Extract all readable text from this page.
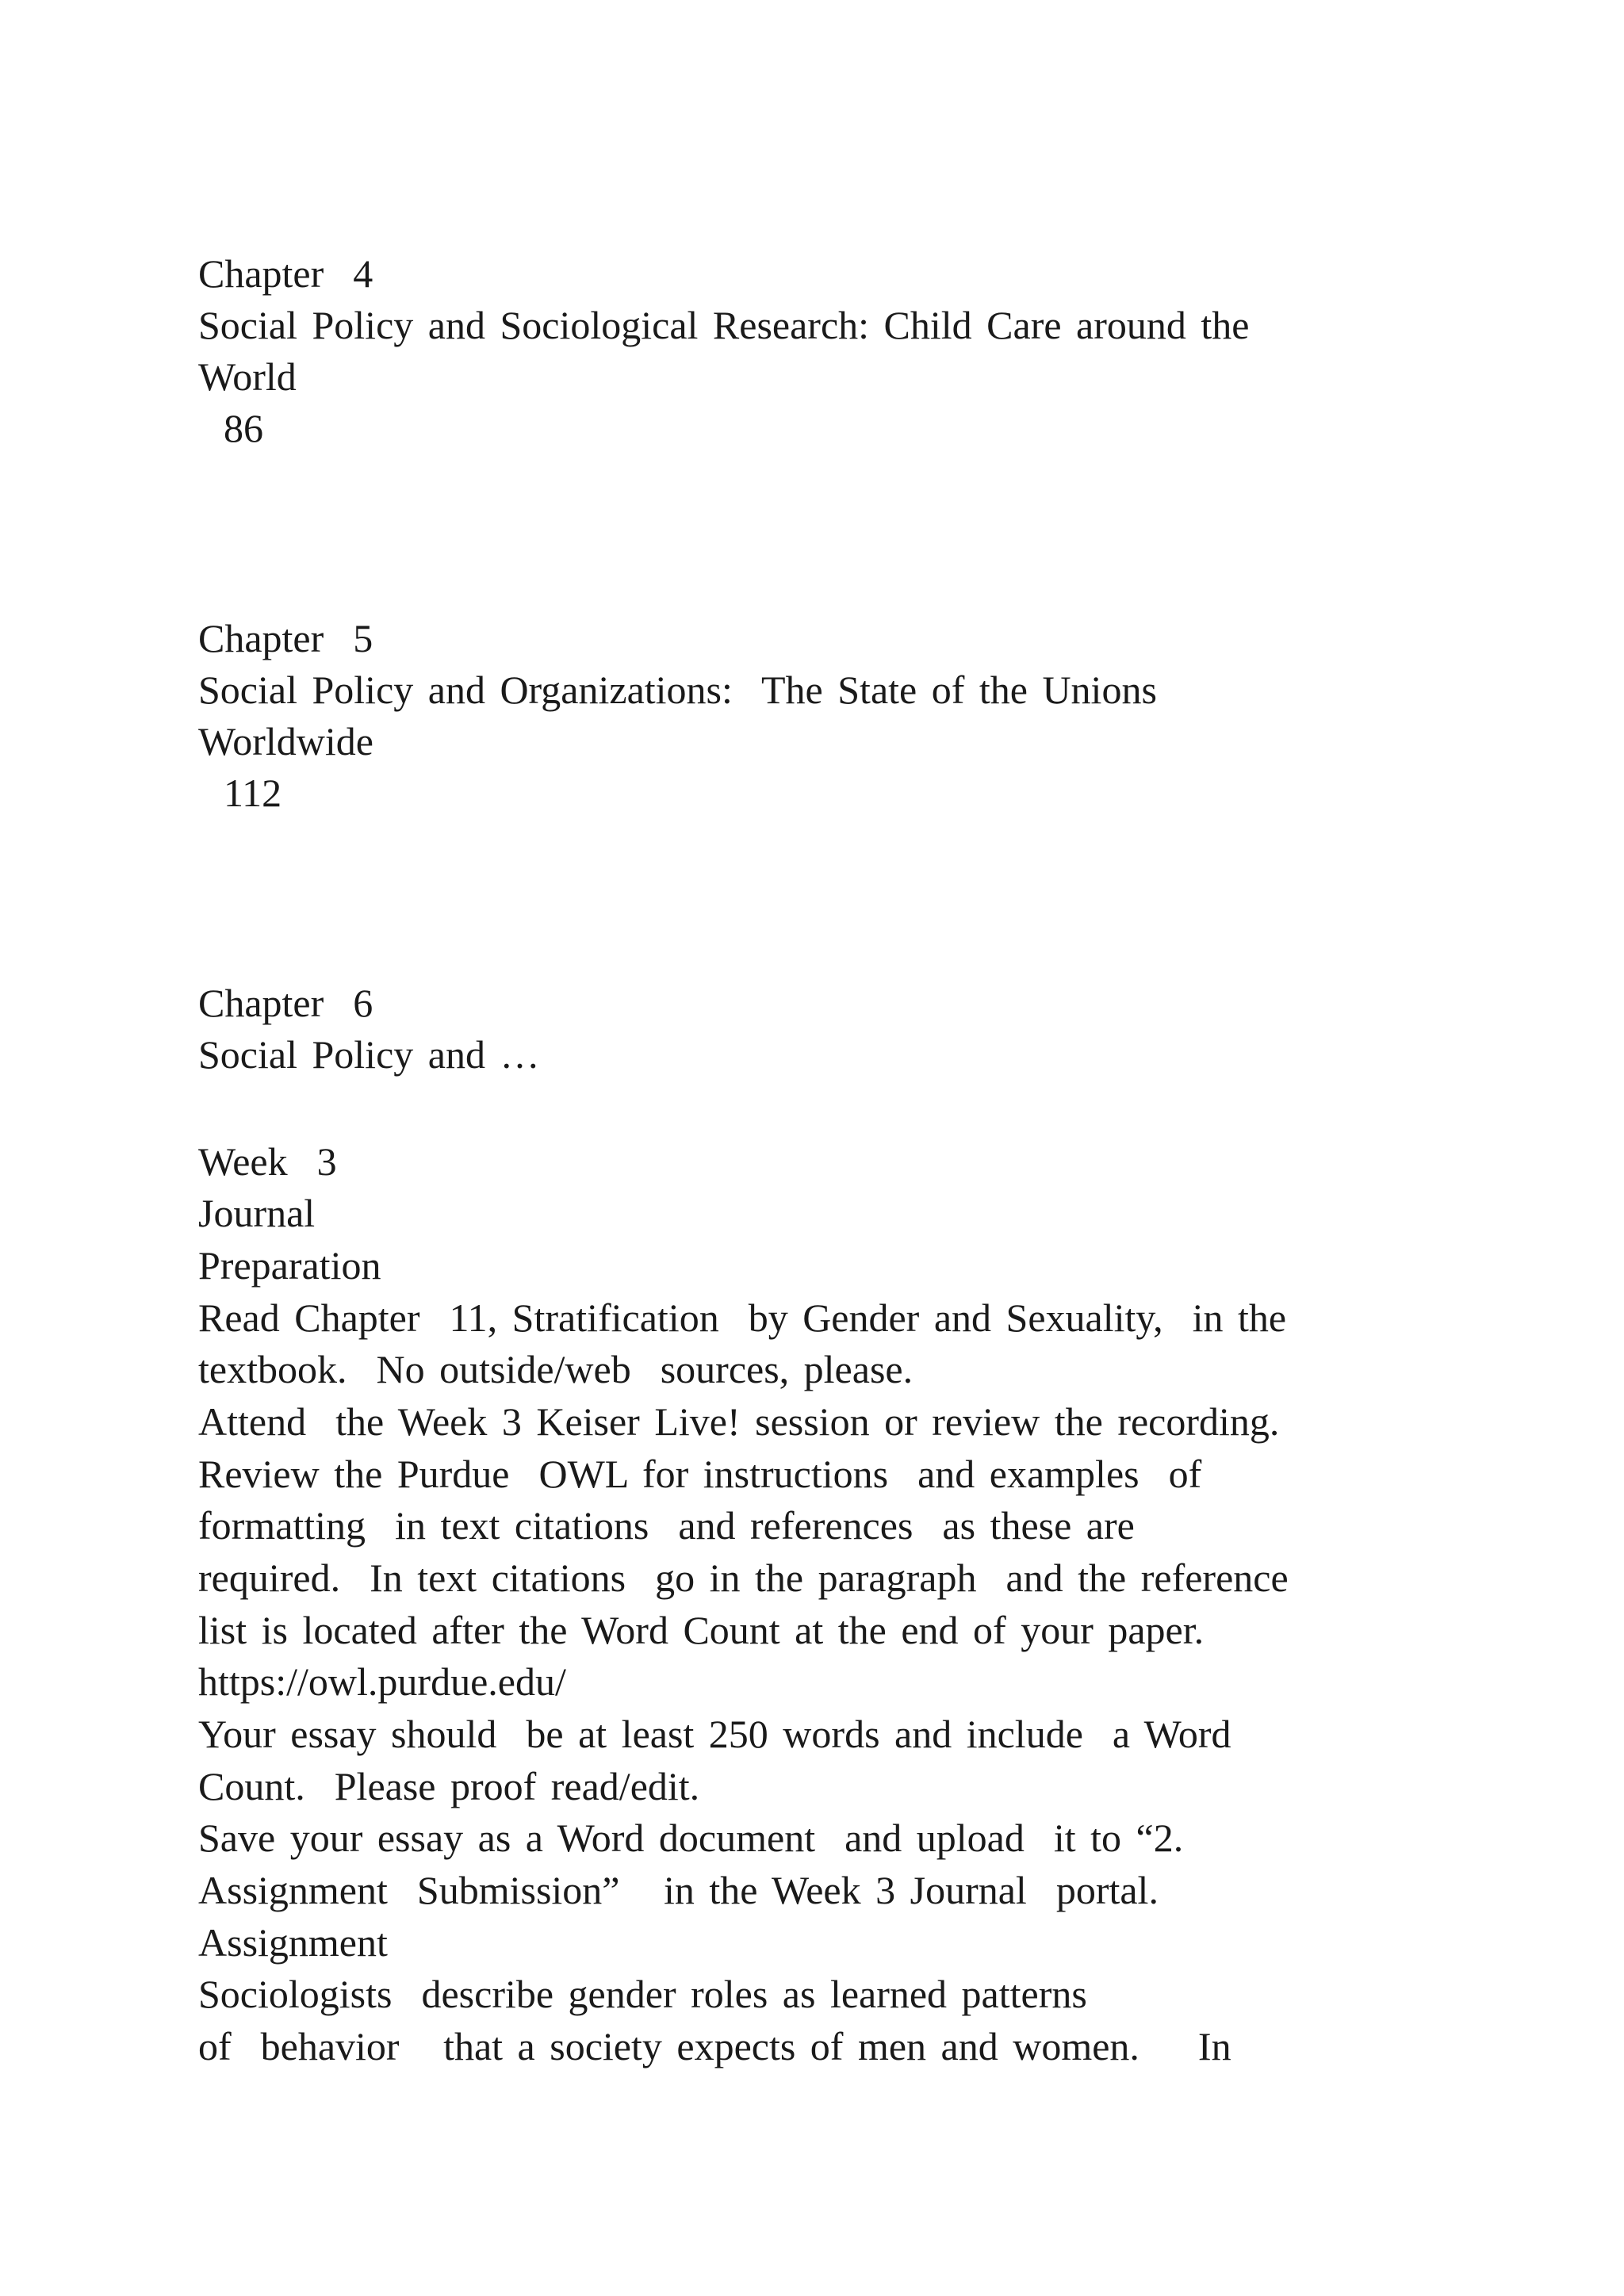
Chapter  4
Social Policy and Sociological Research: Child Care around the
World
86
Chapter  5
Social Policy and Organizations:  The State of the Unions
Worldwide
112
Chapter  6
Social Policy and …
Week  3
Journal
Preparation
Read Chapter  11, Stratification  by Gender and Sexuality,  in the
textbook.  No outside/web  sources, please.
Attend  the Week 3 Keiser Live! session or review the recording.
Review the Purdue  OWL for instructions  and examples  of
formatting  in text citations  and references  as these are
required.  In text citations  go in the paragraph  and the reference
list is located after the Word Count at the end of your paper.
https://owl.purdue.edu/
Your essay should  be at least 250 words and include  a Word
Count.  Please proof read/edit.
Save your essay as a Word document  and upload  it to “2.
Assignment  Submission”   in the Week 3 Journal  portal.
Assignment
Sociologists  describe gender roles as learned patterns
of  behavior   that a society expects of men and women.    In
